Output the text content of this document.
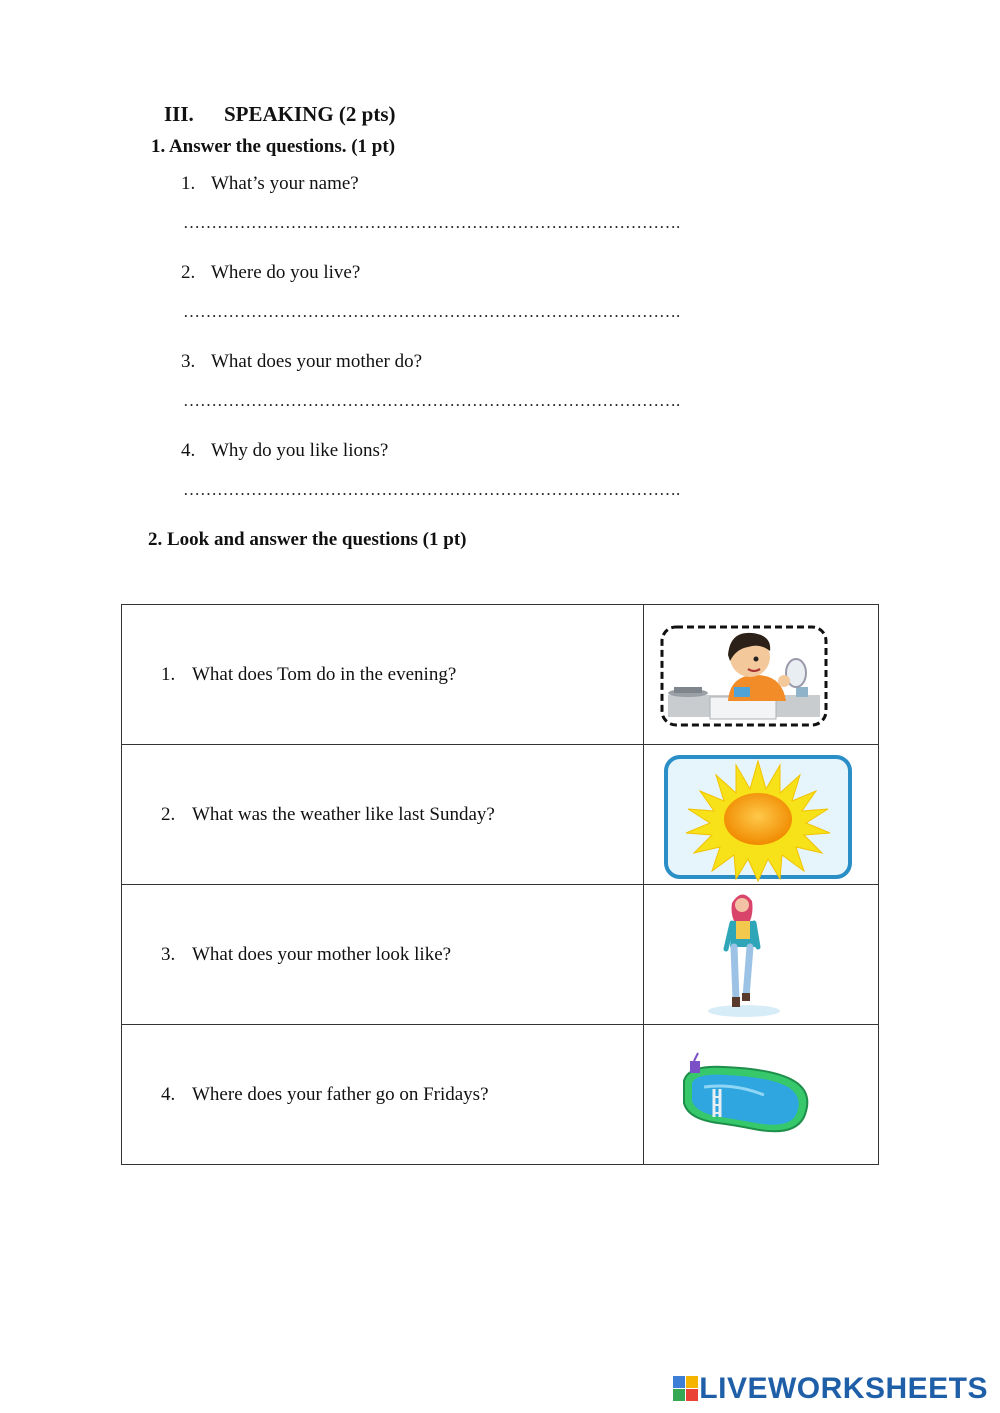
III. SPEAKING (2 pts)
1. Answer the questions. (1 pt)
1. What’s your name?
…………………………………………………………………………….
2. Where do you live?
…………………………………………………………………………….
3. What does your mother do?
…………………………………………………………………………….
4. Why do you like lions?
…………………………………………………………………………….
2. Look and answer the questions (1 pt)
1. What does Tom do in the evening?

2. What was the weather like last Sunday?

3. What does your mother look like?

4. Where does your father go on Fridays?

LIVEWORKSHEETS
